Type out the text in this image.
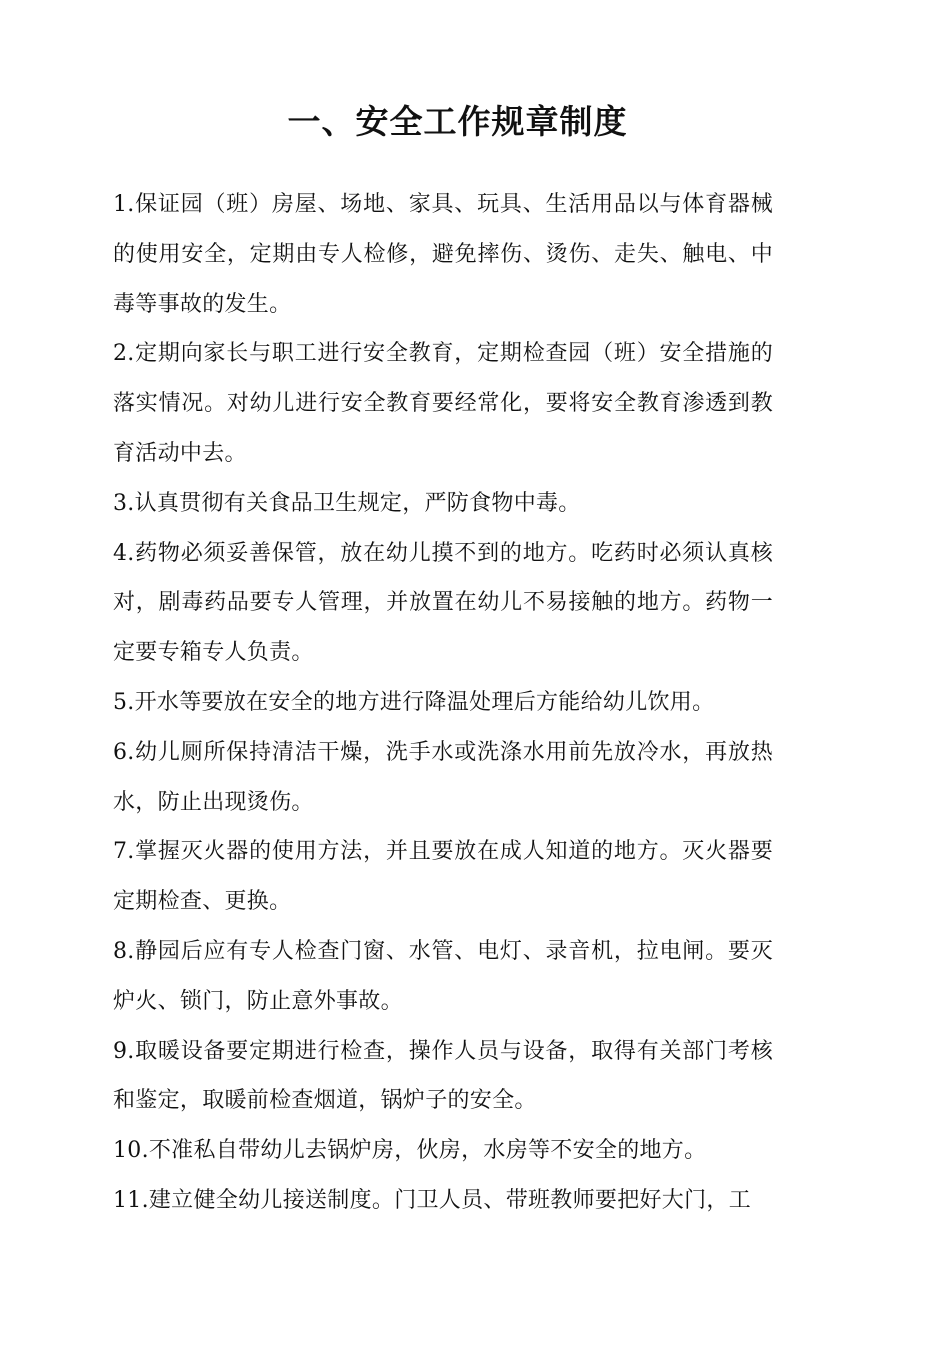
一、安全工作规章制度

1.保证园（班）房屋、场地、家具、玩具、生活用品以与体育器械的使用安全，定期由专人检修，避免摔伤、烫伤、走失、触电、中毒等事故的发生。

2.定期向家长与职工进行安全教育，定期检查园（班）安全措施的落实情况。对幼儿进行安全教育要经常化，要将安全教育渗透到教育活动中去。

3.认真贯彻有关食品卫生规定，严防食物中毒。

4.药物必须妥善保管，放在幼儿摸不到的地方。吃药时必须认真核对，剧毒药品要专人管理，并放置在幼儿不易接触的地方。药物一定要专箱专人负责。

5.开水等要放在安全的地方进行降温处理后方能给幼儿饮用。

6.幼儿厕所保持清洁干燥，洗手水或洗涤水用前先放冷水，再放热水，防止出现烫伤。

7.掌握灭火器的使用方法，并且要放在成人知道的地方。灭火器要定期检查、更换。

8.静园后应有专人检查门窗、水管、电灯、录音机，拉电闸。要灭炉火、锁门，防止意外事故。

9.取暖设备要定期进行检查，操作人员与设备，取得有关部门考核和鉴定，取暖前检查烟道，锅炉子的安全。

10.不准私自带幼儿去锅炉房，伙房，水房等不安全的地方。

11.建立健全幼儿接送制度。门卫人员、带班教师要把好大门，工
